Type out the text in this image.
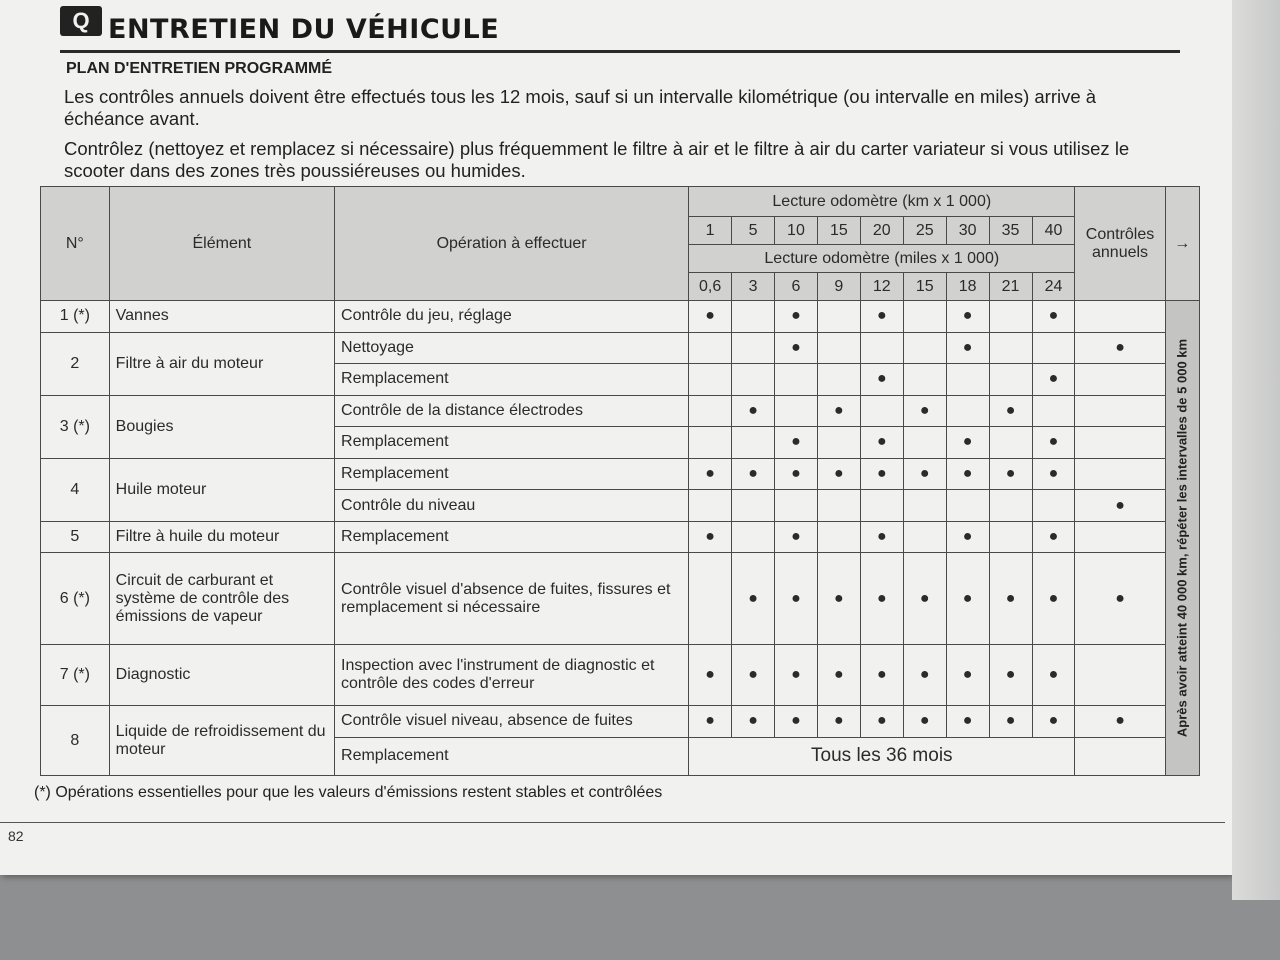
Q ENTRETIEN DU VÉHICULE
PLAN D'ENTRETIEN PROGRAMMÉ
Les contrôles annuels doivent être effectués tous les 12 mois, sauf si un intervalle kilométrique (ou intervalle en miles) arrive à échéance avant.
Contrôlez (nettoyez et remplacez si nécessaire) plus fréquemment le filtre à air et le filtre à air du carter variateur si vous utilisez le scooter dans des zones très poussiéreuses ou humides.
N°	Élément	Opération à effectuer	Lecture odomètre (km x 1 000)									Contrôles annuels	→
			1	5	10	15	20	25	30	35	40		
			Lecture odomètre (miles x 1 000)										
			0,6	3	6	9	12	15	18	21	24		
1 (*)	Vannes	Contrôle du jeu, réglage	●		●		●		●		●		Après avoir atteint 40 000 km, répéter les intervalles de 5 000 km

2	Filtre à air du moteur	Nettoyage			●				●			●	
		Remplacement					●				●		
3 (*)	Bougies	Contrôle de la distance électrodes		●		●		●		●			
		Remplacement			●		●		●		●		
4	Huile moteur	Remplacement	●	●	●	●	●	●	●	●	●		
		Contrôle du niveau										●	
5	Filtre à huile du moteur	Remplacement	●		●		●		●		●		
6 (*)	Circuit de carburant et système de contrôle des émissions de vapeur	Contrôle visuel d'absence de fuites, fissures et remplacement si nécessaire		●	●	●	●	●	●	●	●	●	
7 (*)	Diagnostic	Inspection avec l'instrument de diagnostic et contrôle des codes d'erreur	●	●	●	●	●	●	●	●	●		
8	Liquide de refroidissement du moteur	Contrôle visuel niveau, absence de fuites	●	●	●	●	●	●	●	●	●	●	
		Remplacement	Tous les 36 mois										
(*) Opérations essentielles pour que les valeurs d'émissions restent stables et contrôlées
82
